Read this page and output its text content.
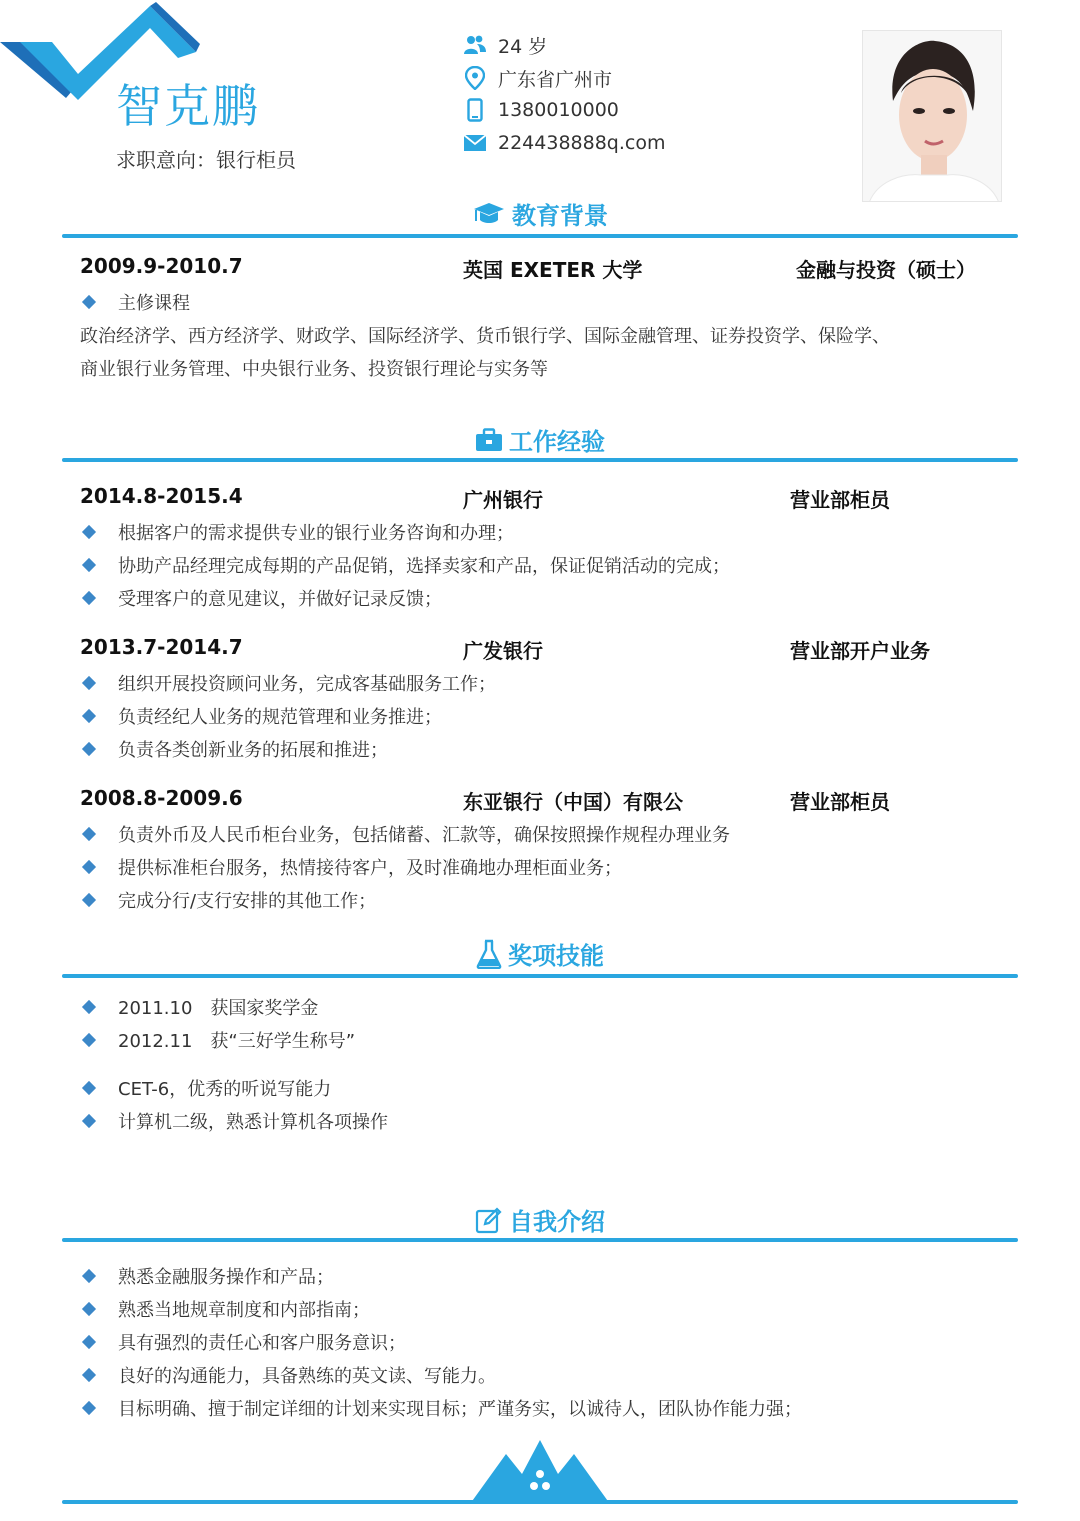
智克鹏
求职意向：银行柜员
24 岁
广东省广州市
1380010000
224438888q.com
教育背景
2009.9-2010.7	英国 EXETER 大学	金融与投资（硕士）
主修课程
政治经济学、西方经济学、财政学、国际经济学、货币银行学、国际金融管理、证券投资学、保险学、
商业银行业务管理、中央银行业务、投资银行理论与实务等
工作经验
2014.8-2015.4	广州银行	营业部柜员
根据客户的需求提供专业的银行业务咨询和办理；
协助产品经理完成每期的产品促销，选择卖家和产品，保证促销活动的完成；
受理客户的意见建议，并做好记录反馈；
2013.7-2014.7	广发银行	营业部开户业务
组织开展投资顾问业务，完成客基础服务工作；
负责经纪人业务的规范管理和业务推进；
负责各类创新业务的拓展和推进；
2008.8-2009.6	东亚银行（中国）有限公	营业部柜员
负责外币及人民币柜台业务，包括储蓄、汇款等，确保按照操作规程办理业务
提供标准柜台服务，热情接待客户，及时准确地办理柜面业务；
完成分行/支行安排的其他工作；
奖项技能
2011.10　获国家奖学金
2012.11　获“三好学生称号”
CET-6，优秀的听说写能力
计算机二级，熟悉计算机各项操作
自我介绍
熟悉金融服务操作和产品；
熟悉当地规章制度和内部指南；
具有强烈的责任心和客户服务意识；
良好的沟通能力，具备熟练的英文读、写能力。
目标明确、擅于制定详细的计划来实现目标；严谨务实，以诚待人，团队协作能力强；
